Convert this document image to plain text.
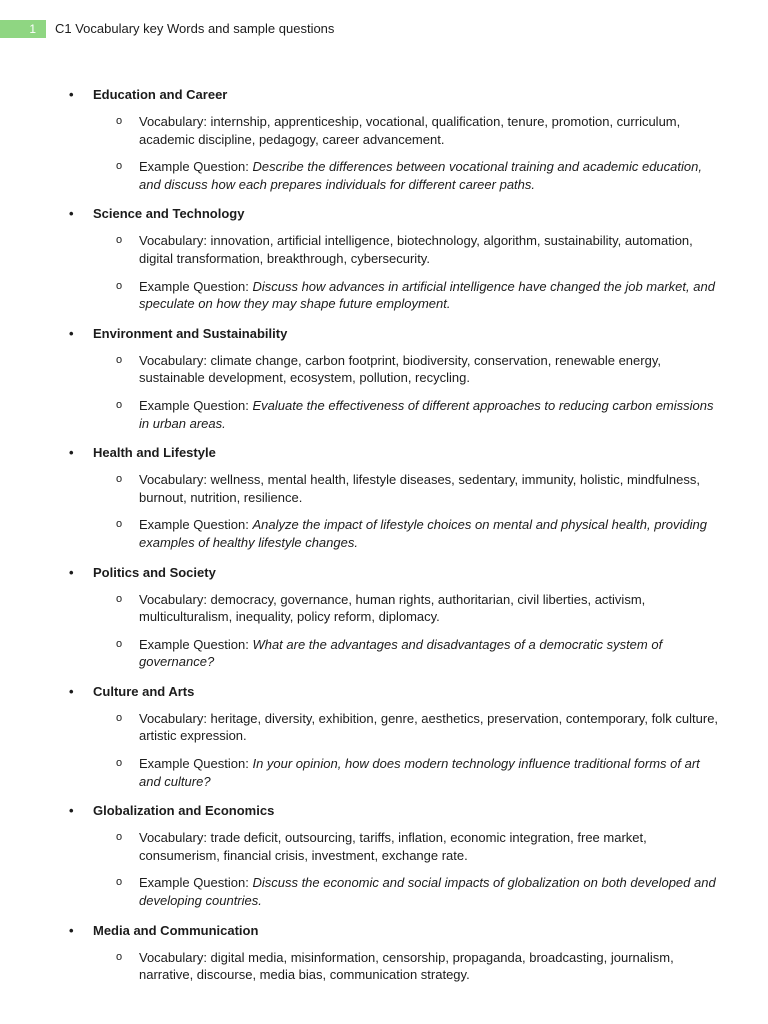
1	C1 Vocabulary key Words and sample questions
• Education and Career
o Vocabulary: internship, apprenticeship, vocational, qualification, tenure, promotion, curriculum, academic discipline, pedagogy, career advancement.
o Example Question: Describe the differences between vocational training and academic education, and discuss how each prepares individuals for different career paths.
• Science and Technology
o Vocabulary: innovation, artificial intelligence, biotechnology, algorithm, sustainability, automation, digital transformation, breakthrough, cybersecurity.
o Example Question: Discuss how advances in artificial intelligence have changed the job market, and speculate on how they may shape future employment.
• Environment and Sustainability
o Vocabulary: climate change, carbon footprint, biodiversity, conservation, renewable energy, sustainable development, ecosystem, pollution, recycling.
o Example Question: Evaluate the effectiveness of different approaches to reducing carbon emissions in urban areas.
• Health and Lifestyle
o Vocabulary: wellness, mental health, lifestyle diseases, sedentary, immunity, holistic, mindfulness, burnout, nutrition, resilience.
o Example Question: Analyze the impact of lifestyle choices on mental and physical health, providing examples of healthy lifestyle changes.
• Politics and Society
o Vocabulary: democracy, governance, human rights, authoritarian, civil liberties, activism, multiculturalism, inequality, policy reform, diplomacy.
o Example Question: What are the advantages and disadvantages of a democratic system of governance?
• Culture and Arts
o Vocabulary: heritage, diversity, exhibition, genre, aesthetics, preservation, contemporary, folk culture, artistic expression.
o Example Question: In your opinion, how does modern technology influence traditional forms of art and culture?
• Globalization and Economics
o Vocabulary: trade deficit, outsourcing, tariffs, inflation, economic integration, free market, consumerism, financial crisis, investment, exchange rate.
o Example Question: Discuss the economic and social impacts of globalization on both developed and developing countries.
• Media and Communication
o Vocabulary: digital media, misinformation, censorship, propaganda, broadcasting, journalism, narrative, discourse, media bias, communication strategy.
